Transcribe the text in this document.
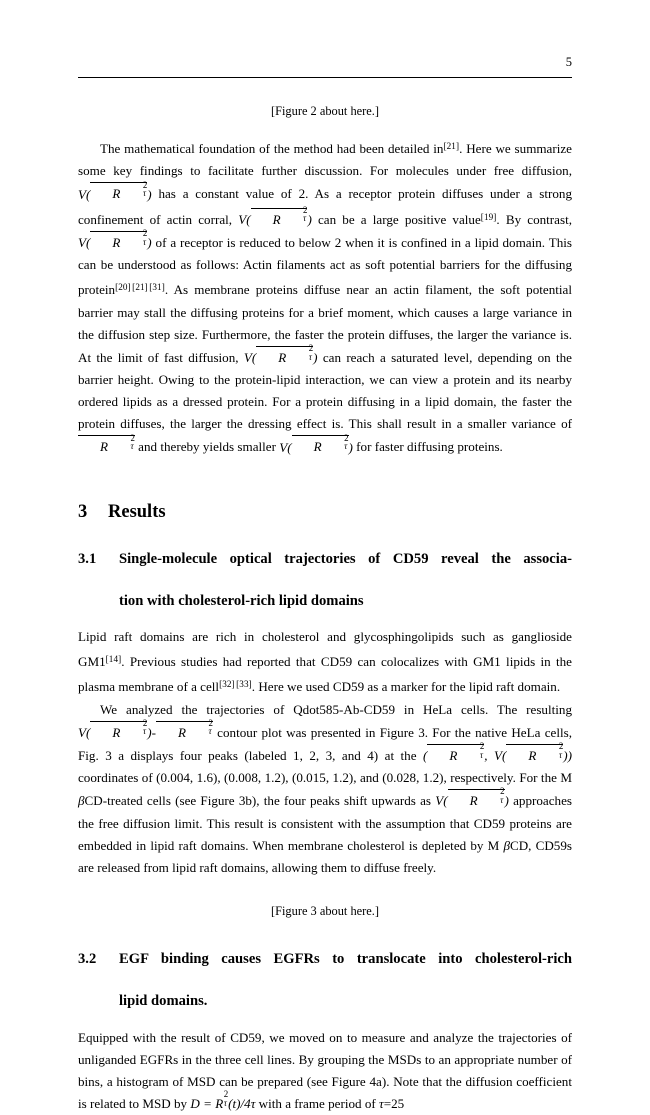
5
[Figure 2 about here.]

The mathematical foundation of the method had been detailed in[21]. Here we summarize some key findings to facilitate further discussion. For molecules under free diffusion, V( R
2
τ ) has a constant value of 2. As a receptor protein diffuses under a strong confinement of actin corral, V( R
2
τ ) can be a large positive value[19]. By contrast, V( R
2
τ ) of a receptor is reduced to below 2 when it is confined in a lipid domain. This can be understood as follows: Actin filaments act as soft potential barriers for the diffusing protein[20][21][31]. As membrane proteins diffuse near an actin filament, the soft potential barrier may stall the diffusing proteins for a brief moment, which causes a large variance in the diffusion step size. Furthermore, the faster the protein diffuses, the larger the variance is. At the limit of fast diffusion, V( R
2
τ ) can reach a saturated level, depending on the barrier height. Owing to the protein-lipid interaction, we can view a protein and its nearby ordered lipids as a dressed protein. For a protein diffusing in a lipid domain, the faster the protein diffuses, the larger the dressing effect is. This shall result in a smaller variance of R
2
τ and thereby yields smaller V( R
2
τ ) for faster diffusing proteins.

3	Results
3.1	Single-molecule optical trajectories of CD59 reveal the associa-
tion with cholesterol-rich lipid domains

Lipid raft domains are rich in cholesterol and glycosphingolipids such as ganglioside GM1[14]. Previous studies had reported that CD59 can colocalizes with GM1 lipids in the plasma membrane of a cell[32][33]. Here we used CD59 as a marker for the lipid raft domain.

We analyzed the trajectories of Qdot585-Ab-CD59 in HeLa cells. The resulting V( R
2
τ )- R
2
τ contour plot was presented in Figure 3. For the native HeLa cells, Fig. 3 a displays four peaks (labeled 1, 2, 3, and 4) at the ( R
2
τ , V( R
2
τ )) coordinates of (0.004, 1.6), (0.008, 1.2), (0.015, 1.2), and (0.028, 1.2), respectively. For the M βCD-treated cells (see Figure 3b), the four peaks shift upwards as V( R
2
τ ) approaches the free diffusion limit. This result is consistent with the assumption that CD59 proteins are embedded in lipid raft domains. When membrane cholesterol is depleted by M βCD, CD59s are released from lipid raft domains, allowing them to diffuse freely.

[Figure 3 about here.]
3.2	EGF binding causes EGFRs to translocate into cholesterol-rich
lipid domains.

Equipped with the result of CD59, we moved on to measure and analyze the trajectories of unliganded EGFRs in the three cell lines. By grouping the MSDs to an appropriate number of bins, a histogram of MSD can be prepared (see Figure 4a). Note that the diffusion coefficient is related to MSD by D = R
2
τ (t)/4τ with a frame period of τ=25
